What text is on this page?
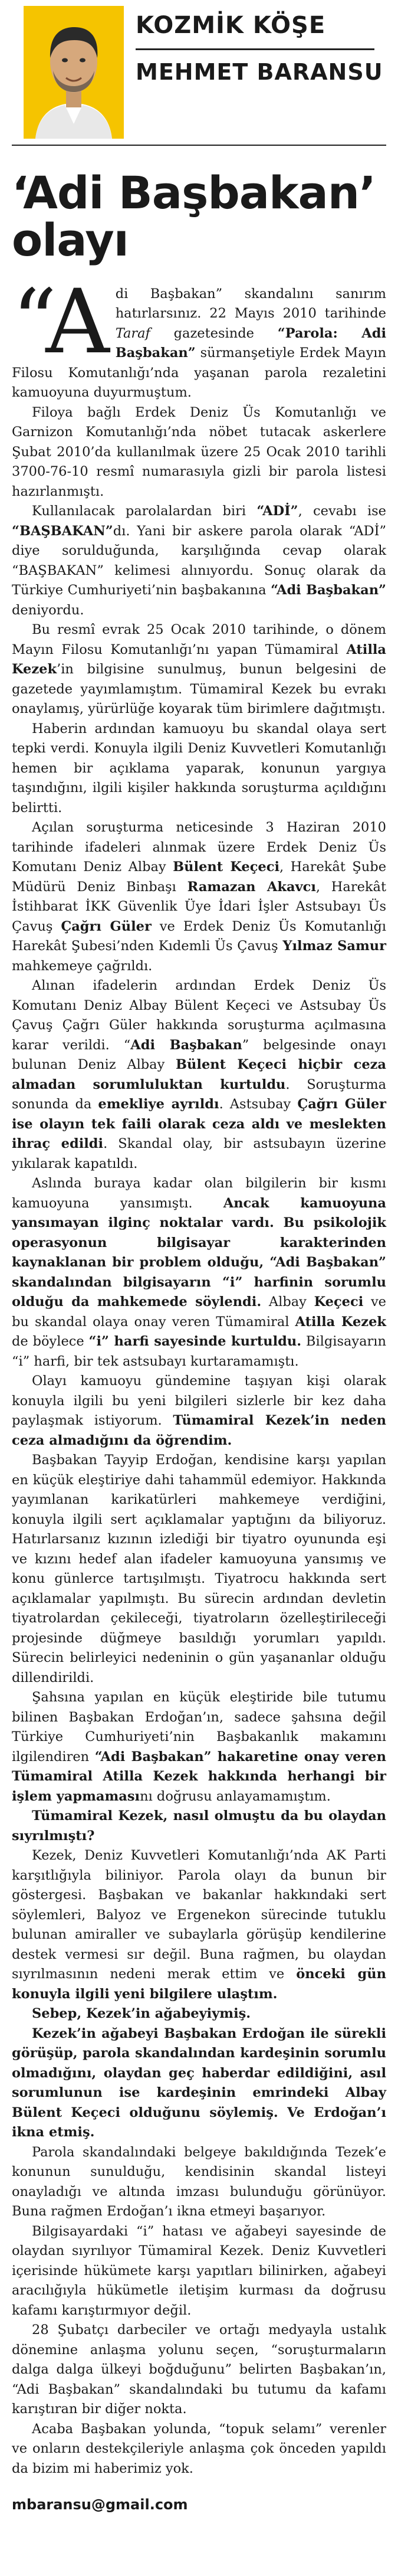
KOZMİK KÖŞE
MEHMET BARANSU
‘Adi Başbakan’ olayı

“Adi Başbakan” skandalını sanırım hatırlarsınız. 22 Mayıs 2010 tarihinde Taraf gazetesinde “Parola: Adi Başbakan” sürmanşetiyle Erdek Mayın Filosu Komutanlığı’nda yaşanan parola rezaletini kamuoyuna duyurmuştum.

Filoya bağlı Erdek Deniz Üs Komutanlığı ve Garnizon Komutanlığı’nda nöbet tutacak askerlere Şubat 2010’da kullanılmak üzere 25 Ocak 2010 tarihli 3700-76-10 resmî numarasıyla gizli bir parola listesi hazırlanmıştı.

Kullanılacak parolalardan biri “ADİ”, cevabı ise “BAŞBAKAN”dı. Yani bir askere parola olarak “ADİ” diye sorulduğunda, karşılığında cevap olarak “BAŞBAKAN” kelimesi alınıyordu. Sonuç olarak da Türkiye Cumhuriyeti’nin başbakanına “Adi Başbakan” deniyordu.

Bu resmî evrak 25 Ocak 2010 tarihinde, o dönem Mayın Filosu Komutanlığı’nı yapan Tümamiral Atilla Kezek’in bilgisine sunulmuş, bunun belgesini de gazetede yayımlamıştım. Tümamiral Kezek bu evrakı onaylamış, yürürlüğe koyarak tüm birimlere dağıtmıştı.

Haberin ardından kamuoyu bu skandal olaya sert tepki verdi. Konuyla ilgili Deniz Kuvvetleri Komutanlığı hemen bir açıklama yaparak, konunun yargıya taşındığını, ilgili kişiler hakkında soruşturma açıldığını belirtti.

Açılan soruşturma neticesinde 3 Haziran 2010 tarihinde ifadeleri alınmak üzere Erdek Deniz Üs Komutanı Deniz Albay Bülent Keçeci, Harekât Şube Müdürü Deniz Binbaşı Ramazan Akavcı, Harekât İstihbarat İKK Güvenlik Üye İdari İşler Astsubayı Üs Çavuş Çağrı Güler ve Erdek Deniz Üs Komutanlığı Harekât Şubesi’nden Kıdemli Üs Çavuş Yılmaz Samur mahkemeye çağrıldı.

Alınan ifadelerin ardından Erdek Deniz Üs Komutanı Deniz Albay Bülent Keçeci ve Astsubay Üs Çavuş Çağrı Güler hakkında soruşturma açılmasına karar verildi. “Adi Başbakan” belgesinde onayı bulunan Deniz Albay Bülent Keçeci hiçbir ceza almadan sorumluluktan kurtuldu. Soruşturma sonunda da emekliye ayrıldı. Astsubay Çağrı Güler ise olayın tek faili olarak ceza aldı ve meslekten ihraç edildi. Skandal olay, bir astsubayın üzerine yıkılarak kapatıldı.

Aslında buraya kadar olan bilgilerin bir kısmı kamuoyuna yansımıştı. Ancak kamuoyuna yansımayan ilginç noktalar vardı. Bu psikolojik operasyonun bilgisayar karakterinden kaynaklanan bir problem olduğu, “Adi Başbakan” skandalından bilgisayarın “i” harfinin sorumlu olduğu da mahkemede söylendi. Albay Keçeci ve bu skandal olaya onay veren Tümamiral Atilla Kezek de böylece “i” harfi sayesinde kurtuldu. Bilgisayarın “i” harfi, bir tek astsubayı kurtaramamıştı.

Olayı kamuoyu gündemine taşıyan kişi olarak konuyla ilgili bu yeni bilgileri sizlerle bir kez daha paylaşmak istiyorum. Tümamiral Kezek’in neden ceza almadığını da öğrendim.

Başbakan Tayyip Erdoğan, kendisine karşı yapılan en küçük eleştiriye dahi tahammül edemiyor. Hakkında yayımlanan karikatürleri mahkemeye verdiğini, konuyla ilgili sert açıklamalar yaptığını da biliyoruz. Hatırlarsanız kızının izlediği bir tiyatro oyununda eşi ve kızını hedef alan ifadeler kamuoyuna yansımış ve konu günlerce tartışılmıştı. Tiyatrocu hakkında sert açıklamalar yapılmıştı. Bu sürecin ardından devletin tiyatrolardan çekileceği, tiyatroların özelleştirileceği projesinde düğmeye basıldığı yorumları yapıldı. Sürecin belirleyici nedeninin o gün yaşananlar olduğu dillendirildi.

Şahsına yapılan en küçük eleştiride bile tutumu bilinen Başbakan Erdoğan’ın, sadece şahsına değil Türkiye Cumhuriyeti’nin Başbakanlık makamını ilgilendiren “Adi Başbakan” hakaretine onay veren Tümamiral Atilla Kezek hakkında herhangi bir işlem yapmamasını doğrusu anlayamamıştım.

Tümamiral Kezek, nasıl olmuştu da bu olaydan sıyrılmıştı?

Kezek, Deniz Kuvvetleri Komutanlığı’nda AK Parti karşıtlığıyla biliniyor. Parola olayı da bunun bir göstergesi. Başbakan ve bakanlar hakkındaki sert söylemleri, Balyoz ve Ergenekon sürecinde tutuklu bulunan amiraller ve subaylarla görüşüp kendilerine destek vermesi sır değil. Buna rağmen, bu olaydan sıyrılmasının nedeni merak ettim ve önceki gün konuyla ilgili yeni bilgilere ulaştım.

Sebep, Kezek’in ağabeyiymiş.

Kezek’in ağabeyi Başbakan Erdoğan ile sürekli görüşüp, parola skandalından kardeşinin sorumlu olmadığını, olaydan geç haberdar edildiğini, asıl sorumlunun ise kardeşinin emrindeki Albay Bülent Keçeci olduğunu söylemiş. Ve Erdoğan’ı ikna etmiş.

Parola skandalındaki belgeye bakıldığında Tezek’e konunun sunulduğu, kendisinin skandal listeyi onayladığı ve altında imzası bulunduğu görünüyor. Buna rağmen Erdoğan’ı ikna etmeyi başarıyor.

Bilgisayardaki “i” hatası ve ağabeyi sayesinde de olaydan sıyrılıyor Tümamiral Kezek. Deniz Kuvvetleri içerisinde hükümete karşı yapıtları bilinirken, ağabeyi aracılığıyla hükümetle iletişim kurması da doğrusu kafamı karıştırmıyor değil.

28 Şubatçı darbeciler ve ortağı medyayla ustalık dönemine anlaşma yolunu seçen, “soruşturmaların dalga dalga ülkeyi boğduğunu” belirten Başbakan’ın, “Adi Başbakan” skandalındaki bu tutumu da kafamı karıştıran bir diğer nokta.

Acaba Başbakan yolunda, “topuk selamı” verenler ve onların destekçileriyle anlaşma çok önceden yapıldı da bizim mi haberimiz yok.

mbaransu@gmail.com
